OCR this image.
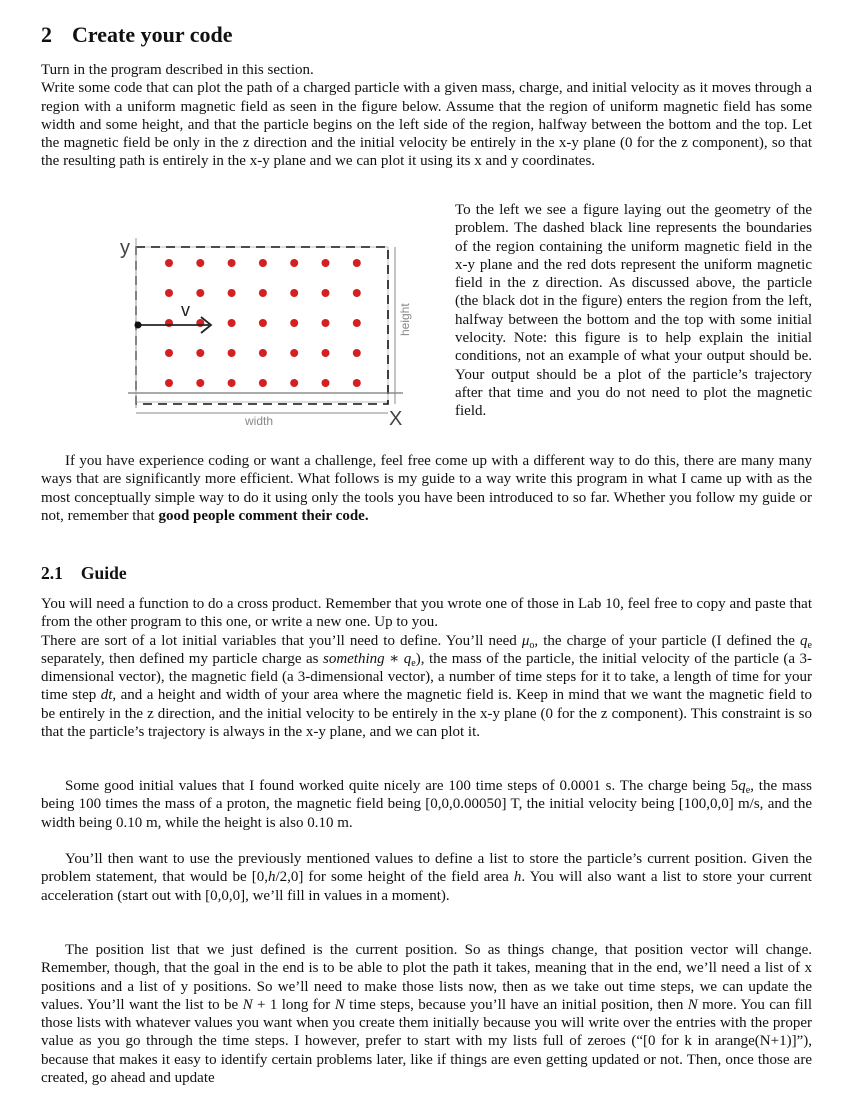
2 Create your code

Turn in the program described in this section.

Write some code that can plot the path of a charged particle with a given mass, charge, and initial velocity as it moves through a region with a uniform magnetic field as seen in the figure below. Assume that the region of uniform magnetic field has some width and some height, and that the particle begins on the left side of the region, halfway between the bottom and the top. Let the magnetic field be only in the z direction and the initial velocity be entirely in the x-y plane (0 for the z component), so that the resulting path is entirely in the x-y plane and we can plot it using its x and y coordinates.

v
y
X
height
width

To the left we see a figure laying out the geometry of the problem. The dashed black line represents the boundaries of the region containing the uniform magnetic field in the x-y plane and the red dots represent the uniform magnetic field in the z direction. As discussed above, the particle (the black dot in the figure) enters the region from the left, halfway between the bottom and the top with some initial velocity. Note: this figure is to help explain the initial conditions, not an example of what your output should be. Your output should be a plot of the particle’s trajectory after that time and you do not need to plot the magnetic field.

If you have experience coding or want a challenge, feel free come up with a different way to do this, there are many many ways that are significantly more efficient. What follows is my guide to a way write this program in what I came up with as the most conceptually simple way to do it using only the tools you have been introduced to so far. Whether you follow my guide or not, remember that good people comment their code.

2.1 Guide

You will need a function to do a cross product. Remember that you wrote one of those in Lab 10, feel free to copy and paste that from the other program to this one, or write a new one. Up to you.

There are sort of a lot initial variables that you’ll need to define. You’ll need $\mu_o$, the charge of your particle (I defined the $q_e$ separately, then defined my particle charge as something ∗ $q_e$), the mass of the particle, the initial velocity of the particle (a 3-dimensional vector), the magnetic field (a 3-dimensional vector), a number of time steps for it to take, a length of time for your time step dt, and a height and width of your area where the magnetic field is. Keep in mind that we want the magnetic field to be entirely in the z direction, and the initial velocity to be entirely in the x-y plane (0 for the z component). This constraint is so that the particle’s trajectory is always in the x-y plane, and we can plot it.

Some good initial values that I found worked quite nicely are 100 time steps of 0.0001 s. The charge being $5q_e$, the mass being 100 times the mass of a proton, the magnetic field being [0,0,0.00050] T, the initial velocity being [100,0,0] m/s, and the width being 0.10 m, while the height is also 0.10 m.

You’ll then want to use the previously mentioned values to define a list to store the particle’s current position. Given the problem statement, that would be [0,h/2,0] for some height of the field area h. You will also want a list to store your current acceleration (start out with [0,0,0], we’ll fill in values in a moment).

The position list that we just defined is the current position. So as things change, that position vector will change. Remember, though, that the goal in the end is to be able to plot the path it takes, meaning that in the end, we’ll need a list of x positions and a list of y positions. So we’ll need to make those lists now, then as we take out time steps, we can update the values. You’ll want the list to be N + 1 long for N time steps, because you’ll have an initial position, then N more. You can fill those lists with whatever values you want when you create them initially because you will write over the entries with the proper value as you go through the time steps. I however, prefer to start with my lists full of zeroes (“[0 for k in arange(N+1)]”), because that makes it easy to identify certain problems later, like if things are even getting updated or not. Then, once those are created, go ahead and update
